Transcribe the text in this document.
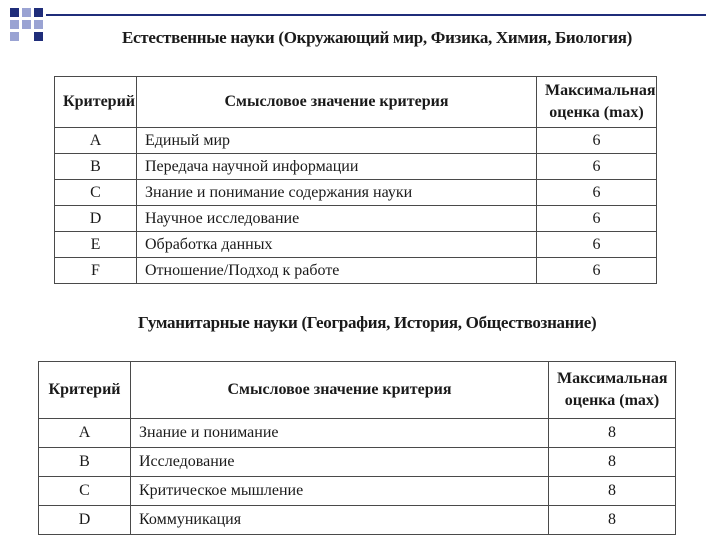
Естественные науки (Окружающий мир, Физика, Химия, Биология)
Критерий	Смысловое значение критерия	Максимальная оценка (max)
A	Единый мир	6
B	Передача научной информации	6
C	Знание и понимание содержания науки	6
D	Научное исследование	6
E	Обработка данных	6
F	Отношение/Подход к работе	6
Гуманитарные науки (География, История, Обществознание)
Критерий	Смысловое значение критерия	Максимальная оценка (max)
A	Знание и понимание	8
B	Исследование	8
C	Критическое мышление	8
D	Коммуникация	8
